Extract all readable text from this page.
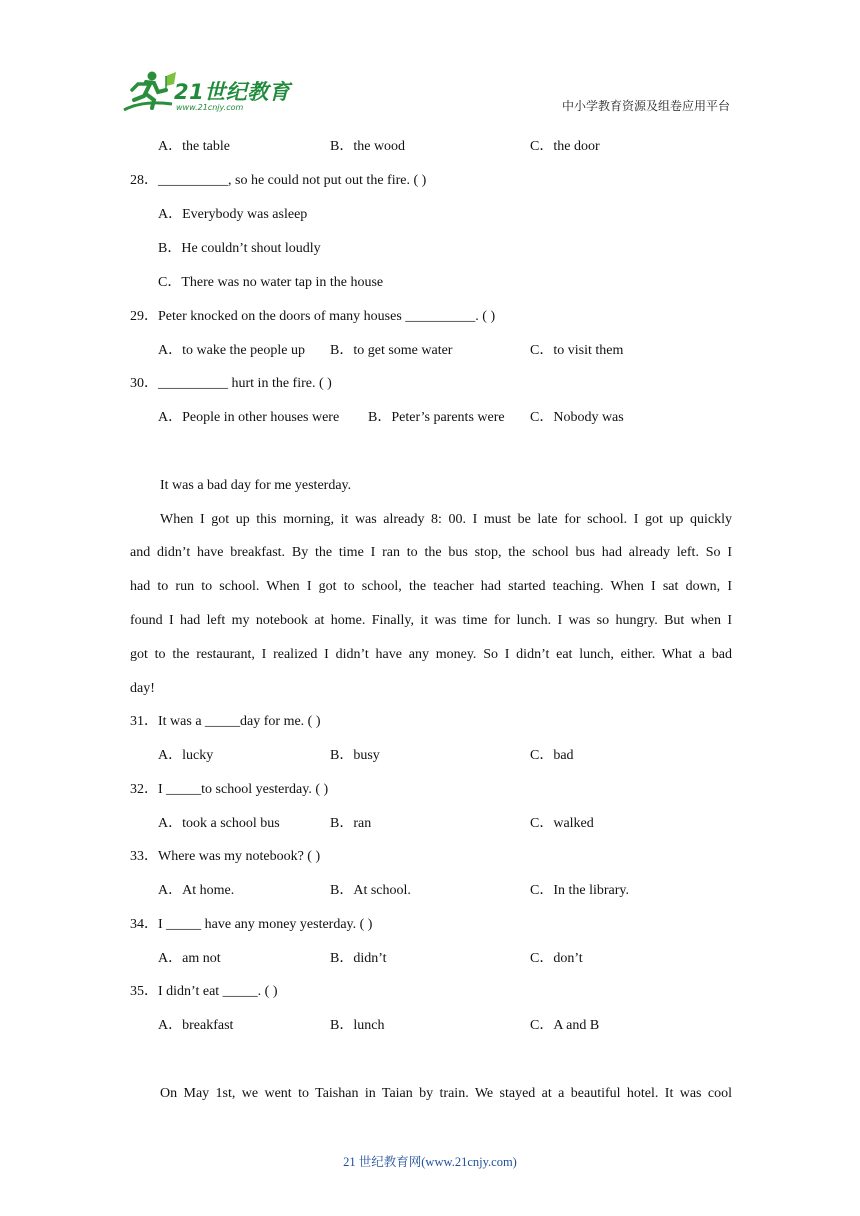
21世纪教育
www.21cnjy.com	中小学教育资源及组卷应用平台
A．the table	B．the wood	C．the door
28．__________, so he could not put out the fire. ( )
A．Everybody was asleep
B．He couldn’t shout loudly
C．There was no water tap in the house
29．Peter knocked on the doors of many houses __________. ( )
A．to wake the people up B．to get some water	C．to visit them
30．__________ hurt in the fire. ( )
A．People in other houses were B．Peter’s parents were C．Nobody was
It was a bad day for me yesterday.
When I got up this morning, it was already 8: 00. I must be late for school. I got up quickly
and didn’t have breakfast. By the time I ran to the bus stop, the school bus had already left. So I
had to run to school. When I got to school, the teacher had started teaching. When I sat down, I
found I had left my notebook at home. Finally, it was time for lunch. I was so hungry. But when I
got to the restaurant, I realized I didn’t have any money. So I didn’t eat lunch, either. What a bad
day!
31．It was a _____day for me. ( )
A．lucky	B．busy	C．bad
32．I _____to school yesterday. ( )
A．took a school bus	B．ran	C．walked
33．Where was my notebook? ( )
A．At home.	B．At school.	C．In the library.
34．I _____ have any money yesterday. ( )
A．am not	B．didn’t	C．don’t
35．I didn’t eat _____. ( )
A．breakfast	B．lunch	C．A and B
On May 1st, we went to Taishan in Taian by train. We stayed at a beautiful hotel. It was cool
21 世纪教育网(www.21cnjy.com)
